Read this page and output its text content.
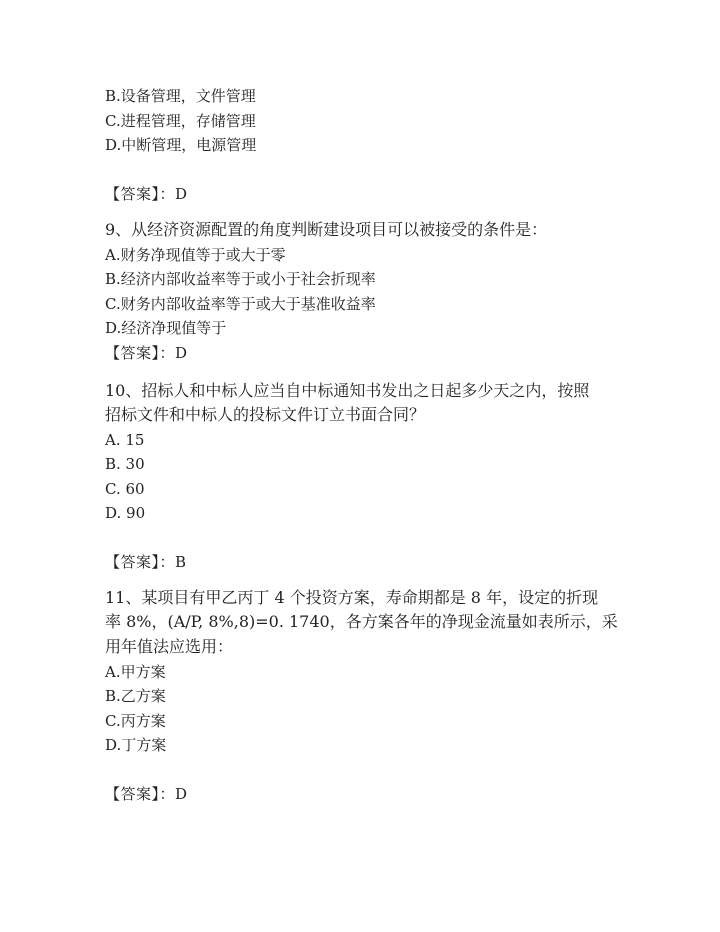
B.设备管理，文件管理
C.进程管理，存储管理
D.中断管理，电源管理
【答案】：D
9、从经济资源配置的角度判断建设项目可以被接受的条件是：
A.财务净现值等于或大于零
B.经济内部收益率等于或小于社会折现率
C.财务内部收益率等于或大于基准收益率
D.经济净现值等于
【答案】：D
10、招标人和中标人应当自中标通知书发出之日起多少天之内，按照
招标文件和中标人的投标文件订立书面合同？
A. 15
B. 30
C. 60
D. 90
【答案】：B
11、某项目有甲乙丙丁 4 个投资方案，寿命期都是 8 年，设定的折现
率 8%，(A/P, 8%,8)=0. 1740，各方案各年的净现金流量如表所示，采
用年值法应选用：
A.甲方案
B.乙方案
C.丙方案
D.丁方案
【答案】：D
